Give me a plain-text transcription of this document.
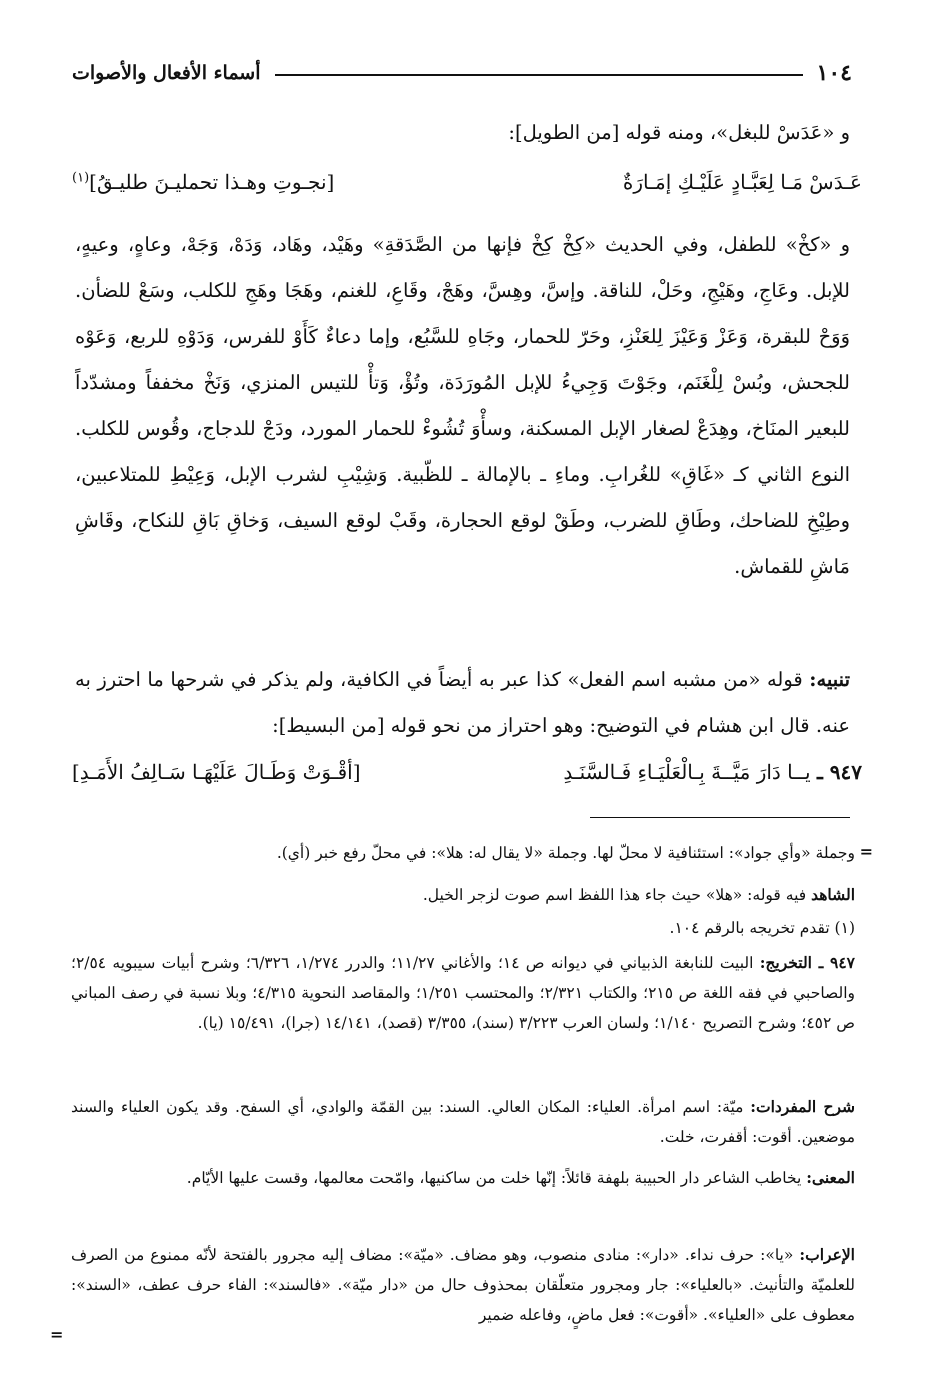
١٠٤
أسماء الأفعال والأصوات
و «عَدَسْ للبغل»، ومنه قوله [من الطويل]:
عَـدَسْ مَـا لِعَبَّـادٍ عَلَيْـكِ إمَـارَةٌ
[نجـوتِ وهـذا تحمليـنَ طليـقُ]$^{(١)}$
و «كخْ» للطفل، وفي الحديث «كِخْ كِخْ فإنها من الصَّدَقةِ» وهَيْد، وهَاد، وَدَهْ، وَجَهْ، وعاهٍ، وعيهٍ، للإبل. وعَاجِ، وهَيْجِ، وحَلْ، للناقة. وإسَّ، وهِسَّ، وهَجْ، وقَاعِ، للغنم، وهَجَا وهَجِ للكلب، وسَعْ للضأن. وَوَحْ للبقرة، وَعَزْ وَعَيْزَ لِلعَنْزِ، وحَرّ للحمار، وجَاهِ للسَّبُع، وإما دعاءٌ كَأَوْ للفرس، وَدَوْهِ للربع، وَعَوْه للجحش، وبُسْ لِلْغَنَم، وجَوْتَ وَجِيءُ للإبل المُورَدَة، وتُؤْ، وَتأْ للتيس المنزي، وَنَخْ مخففاً ومشدّداً للبعير المنَاخ، وهِدَعْ لصغار الإبل المسكنة، وسأْوَ تُشُوءْ للحمار المورد، ودَجْ للدجاج، وقُوس للكلب. النوع الثاني كـ «غَاقِ» للغُرابِ. وماءِ ـ بالإمالة ـ للظّبية. وَشِيْبِ لشرب الإبل، وَعِيْطِ للمتلاعبين، وطِيْخِ للضاحك، وطَاقِ للضرب، وطَقْ لوقع الحجارة، وقَبْ لوقع السيف، وَخاقِ بَاقِ للنكاح، وقَاشِ مَاشِ للقماش.
تنبيه: قوله «من مشبه اسم الفعل» كذا عبر به أيضاً في الكافية، ولم يذكر في شرحها ما احترز به عنه. قال ابن هشام في التوضيح: وهو احتراز من نحو قوله [من البسيط]:
٩٤٧ ـ يــا دَارَ مَيَّــةَ بِـالْعَلْيَـاءِ فَـالسَّنَـدِ
[أقْـوَتْ وَطَـالَ عَلَيْهَـا سَـالِفُ الأَمَـدِ]
=
وجملة «وأي جواد»: استئنافية لا محلّ لها. وجملة «لا يقال له: هلا»: في محلّ رفع خبر (أي).
الشاهد فيه قوله: «هلا» حيث جاء هذا اللفظ اسم صوت لزجر الخيل.
(١) تقدم تخريجه بالرقم ١٠٤.
٩٤٧ ـ التخريج: البيت للنابغة الذبياني في ديوانه ص ١٤؛ والأغاني ١١/٢٧؛ والدرر ١/٢٧٤، ٦/٣٢٦؛ وشرح أبيات سيبويه ٢/٥٤؛ والصاحبي في فقه اللغة ص ٢١٥؛ والكتاب ٢/٣٢١؛ والمحتسب ١/٢٥١؛ والمقاصد النحوية ٤/٣١٥؛ وبلا نسبة في رصف المباني ص ٤٥٢؛ وشرح التصريح ١/١٤٠؛ ولسان العرب ٣/٢٢٣ (سند)، ٣/٣٥٥ (قصد)، ١٤/١٤١ (جرا)، ١٥/٤٩١ (يا).
شرح المفردات: ميّة: اسم امرأة. العلياء: المكان العالي. السند: بين القمّة والوادي، أي السفح. وقد يكون العلياء والسند موضعين. أقوت: أقفرت، خلت.
المعنى: يخاطب الشاعر دار الحبيبة بلهفة قائلاً: إنّها خلت من ساكنيها، وامّحت معالمها، وقست عليها الأيّام.
الإعراب: «يا»: حرف نداء. «دار»: منادى منصوب، وهو مضاف. «ميّة»: مضاف إليه مجرور بالفتحة لأنّه ممنوع من الصرف للعلميّة والتأنيث. «بالعلياء»: جار ومجرور متعلّقان بمحذوف حال من «دار ميّة». «فالسند»: الفاء حرف عطف، «السند»: معطوف على «العلياء». «أقوت»: فعل ماضٍ، وفاعله ضمير
=
